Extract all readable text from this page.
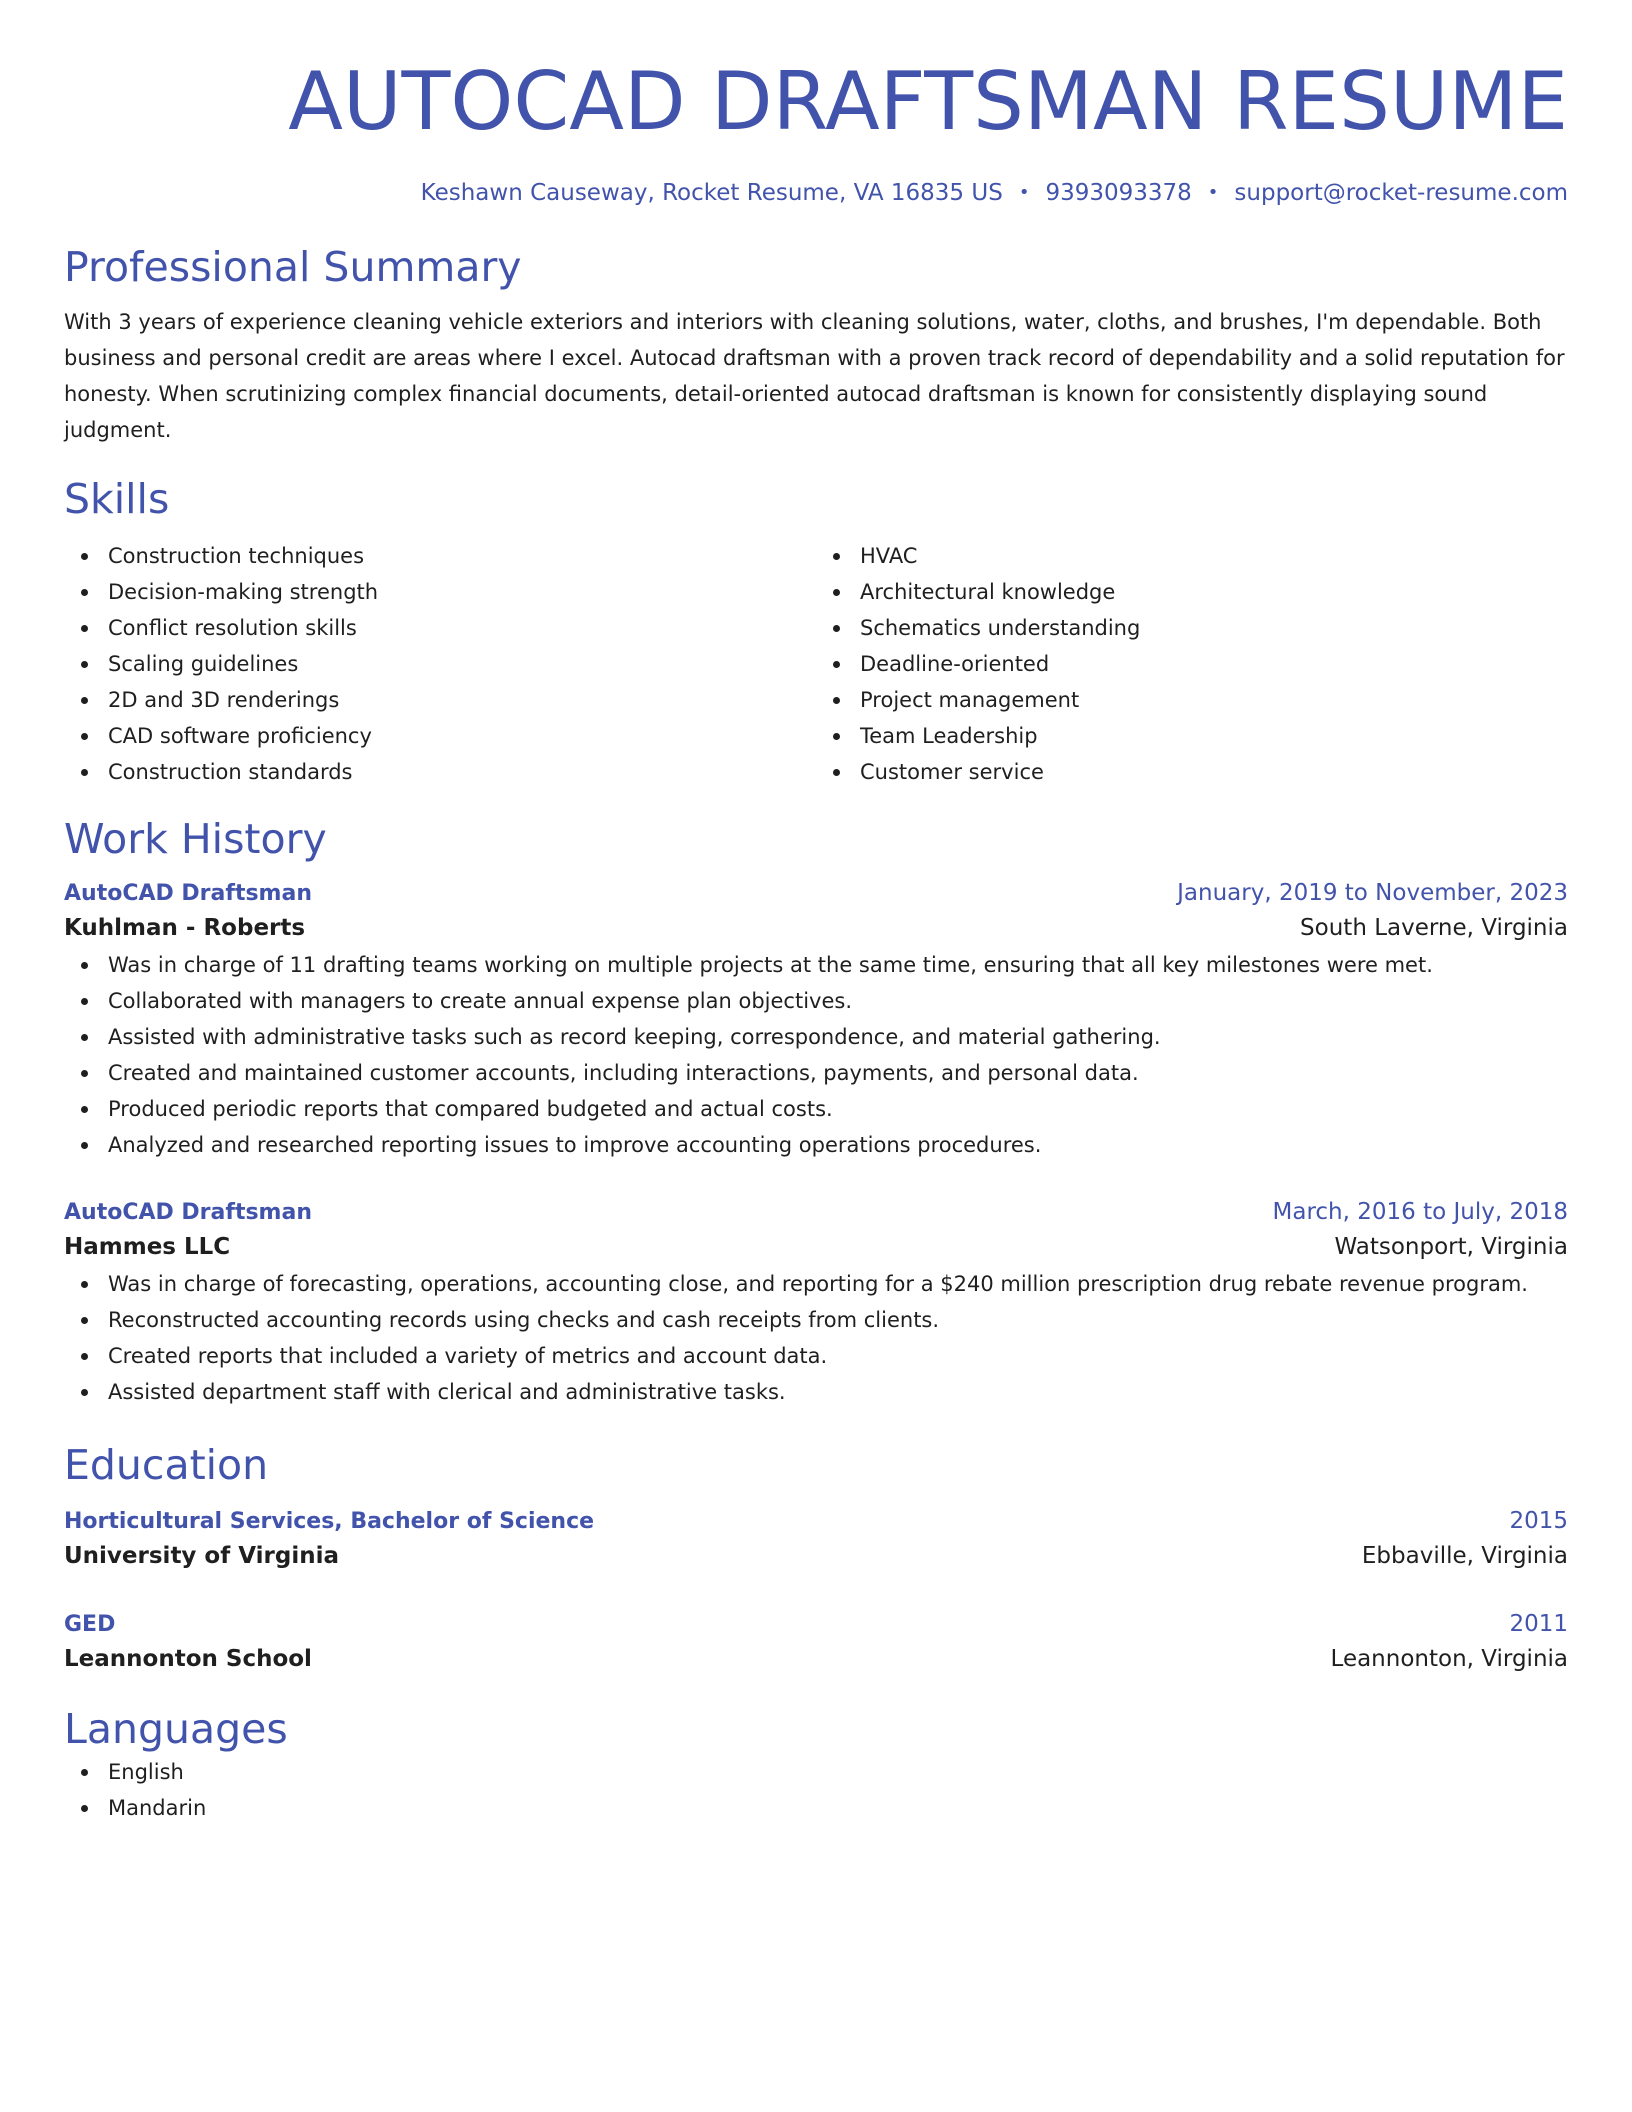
AUTOCAD DRAFTSMAN RESUME
Keshawn Causeway, Rocket Resume, VA 16835 US • 9393093378 • support@rocket-resume.com
Professional Summary
With 3 years of experience cleaning vehicle exteriors and interiors with cleaning solutions, water, cloths, and brushes, I'm dependable. Both business and personal credit are areas where I excel. Autocad draftsman with a proven track record of dependability and a solid reputation for honesty. When scrutinizing complex financial documents, detail-oriented autocad draftsman is known for consistently displaying sound judgment.
Skills
Construction techniques
Decision-making strength
Conflict resolution skills
Scaling guidelines
2D and 3D renderings
CAD software proficiency
Construction standards
HVAC
Architectural knowledge
Schematics understanding
Deadline-oriented
Project management
Team Leadership
Customer service
Work History
AutoCAD Draftsman	January, 2019 to November, 2023
Kuhlman - Roberts	South Laverne, Virginia
Was in charge of 11 drafting teams working on multiple projects at the same time, ensuring that all key milestones were met.
Collaborated with managers to create annual expense plan objectives.
Assisted with administrative tasks such as record keeping, correspondence, and material gathering.
Created and maintained customer accounts, including interactions, payments, and personal data.
Produced periodic reports that compared budgeted and actual costs.
Analyzed and researched reporting issues to improve accounting operations procedures.
AutoCAD Draftsman	March, 2016 to July, 2018
Hammes LLC	Watsonport, Virginia
Was in charge of forecasting, operations, accounting close, and reporting for a $240 million prescription drug rebate revenue program.
Reconstructed accounting records using checks and cash receipts from clients.
Created reports that included a variety of metrics and account data.
Assisted department staff with clerical and administrative tasks.
Education
Horticultural Services, Bachelor of Science	2015
University of Virginia	Ebbaville, Virginia
GED	2011
Leannonton School	Leannonton, Virginia
Languages
English
Mandarin
